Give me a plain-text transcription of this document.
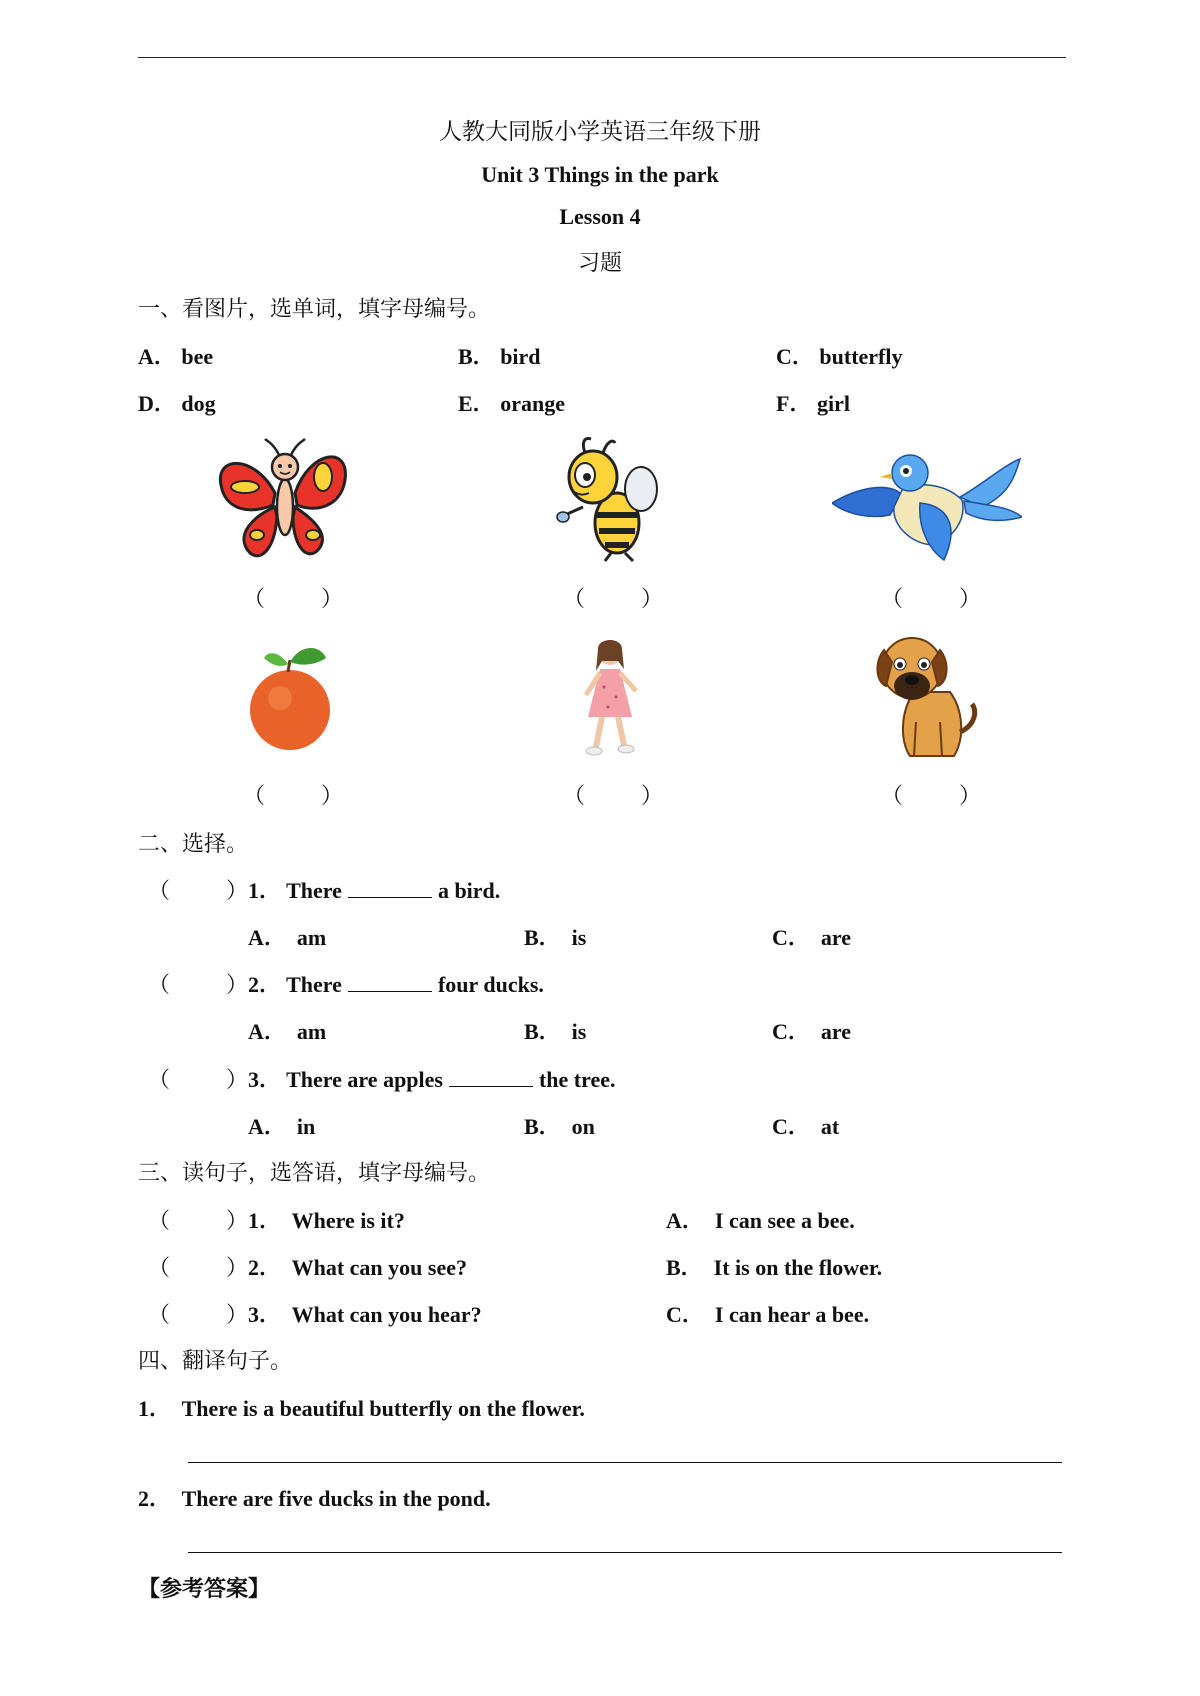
人教大同版小学英语三年级下册
Unit 3 Things in the park
Lesson 4
习题
一、看图片，选单词，填字母编号。
A． bee	B． bird	C． butterfly
D． dog	E． orange	F． girl
（        ）	（        ）	（        ）
（        ）	（        ）	（        ）
二、选择。
（        ） 1． There	a bird.
A．  am	B．  is	C．  are
（        ） 2． There	four ducks.
A．  am	B．  is	C．  are
（        ） 3． There are apples	the tree.
A．  in	B．  on	C．  at
三、读句子，选答语，填字母编号。
（        ） 1．  Where is it?	A．  I can see a bee.
（        ） 2．  What can you see?	B．  It is on the flower.
（        ） 3．  What can you hear?	C．  I can hear a bee.
四、翻译句子。
1．  There is a beautiful butterfly on the flower.
2．  There are five ducks in the pond.
【参考答案】
